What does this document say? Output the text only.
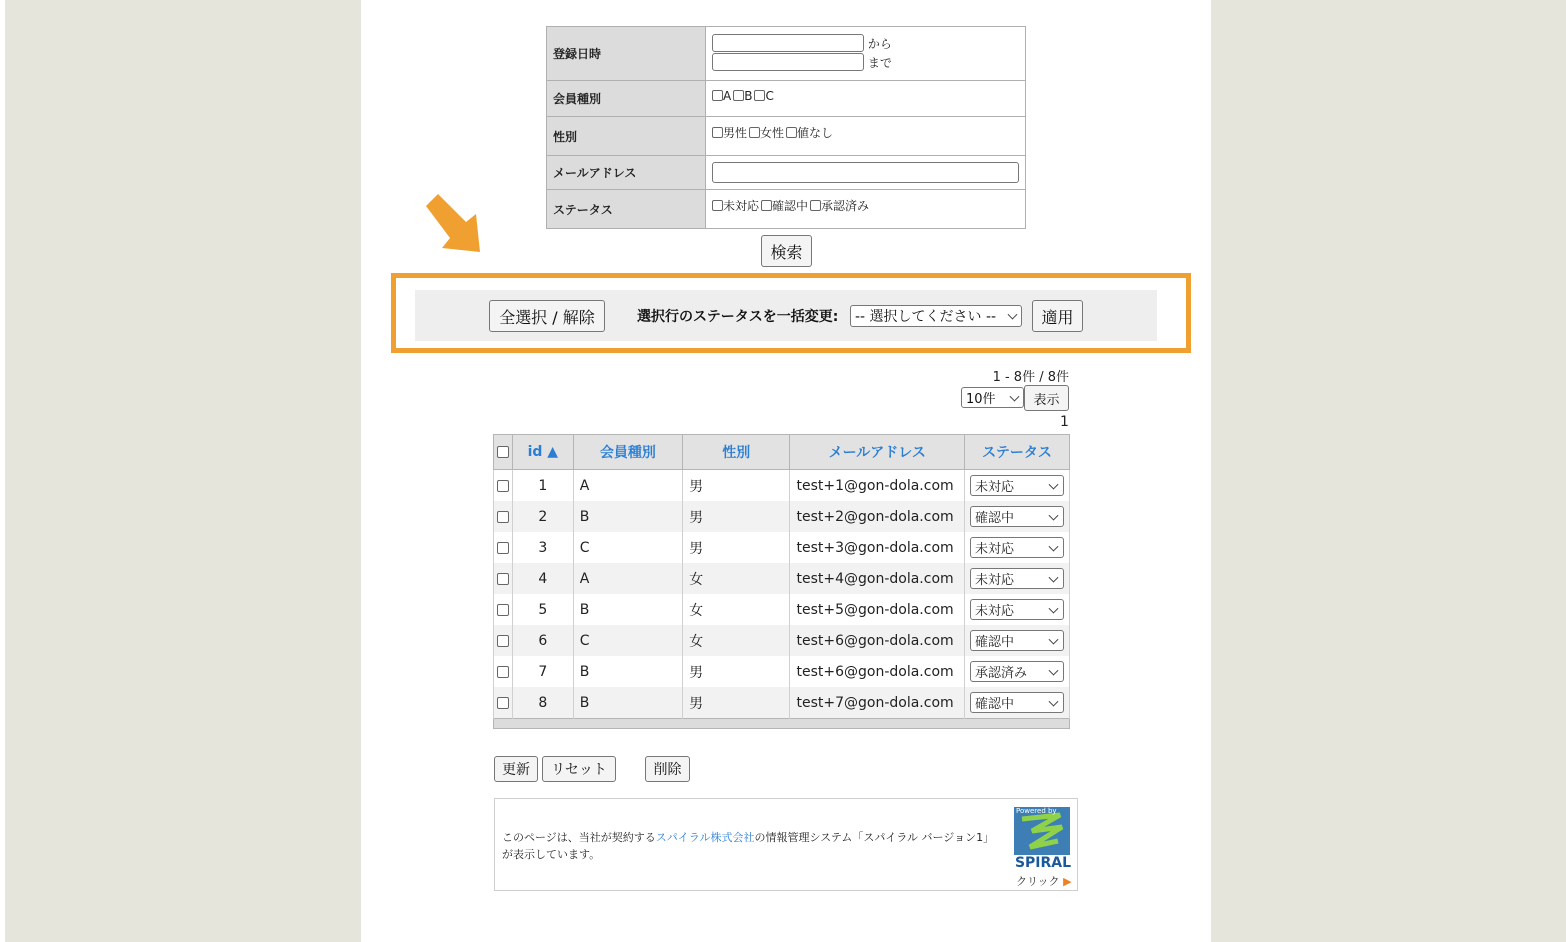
登録日時	から
まで

会員種別	A B C
性別	男性 女性 値なし
メールアドレス	
ステータス	未対応 確認中 承認済み
検索
全選択 / 解除	選択行のステータスを一括変更: -- 選択してください --	適用
1 - 8件 / 8件
10件	表示
1
	id ▲	会員種別	性別	メールアドレス	ステータス
	1	A	男	test+1@gon-dola.com	未対応

	2	B	男	test+2@gon-dola.com	確認中

	3	C	男	test+3@gon-dola.com	未対応

	4	A	女	test+4@gon-dola.com	未対応

	5	B	女	test+5@gon-dola.com	未対応

	6	C	女	test+6@gon-dola.com	確認中

	7	B	男	test+6@gon-dola.com	承認済み

	8	B	男	test+7@gon-dola.com	確認中

更新	リセット	削除
このページは、当社が契約するスパイラル株式会社の情報管理システム「スパイラル バージョン1」が表示しています。
Powered by
SPIRAL
クリック ▶
